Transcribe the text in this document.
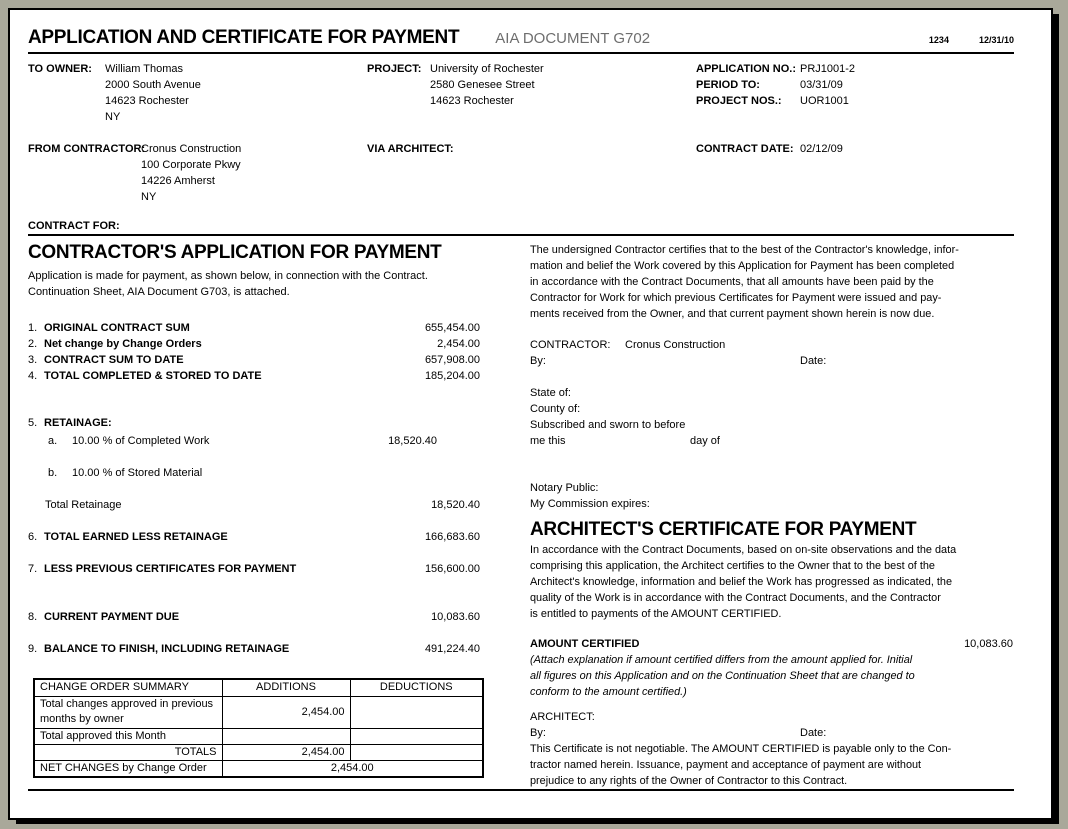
APPLICATION AND CERTIFICATE FOR PAYMENT AIA DOCUMENT G702	1234	12/31/10
TO OWNER: William Thomas
2000 South Avenue
14623 Rochester
NY
PROJECT: University of Rochester
2580 Genesee Street
14623 Rochester
APPLICATION NO.: PRJ1001-2
PERIOD TO:	03/31/09
PROJECT NOS.: UOR1001
FROM CONTRACTOR:
Cronus Construction
100 Corporate Pkwy
14226 Amherst
NY
VIA ARCHITECT:	CONTRACT DATE: 02/12/09
CONTRACT FOR:
CONTRACTOR'S APPLICATION FOR PAYMENT
Application is made for payment, as shown below, in connection with the Contract.
Continuation Sheet, AIA Document G703, is attached.
1. ORIGINAL CONTRACT SUM	655,454.00
2. Net change by Change Orders	2,454.00
3. CONTRACT SUM TO DATE	657,908.00
4. TOTAL COMPLETED & STORED TO DATE	185,204.00
5. RETAINAGE:
a.	10.00 % of Completed Work	18,520.40
b.	10.00 % of Stored Material
Total Retainage	18,520.40
6. TOTAL EARNED LESS RETAINAGE	166,683.60
7. LESS PREVIOUS CERTIFICATES FOR PAYMENT	156,600.00
8. CURRENT PAYMENT DUE	10,083.60
9. BALANCE TO FINISH, INCLUDING RETAINAGE	491,224.40
CHANGE ORDER SUMMARY	ADDITIONS	DEDUCTIONS
Total changes approved in previous months by owner	2,454.00	
Total approved this Month		
TOTALS	2,454.00	
NET CHANGES by Change Order	2,454.00	
The undersigned Contractor certifies that to the best of the Contractor's knowledge, infor-
mation and belief the Work covered by this Application for Payment has been completed
in accordance with the Contract Documents, that all amounts have been paid by the
Contractor for Work for which previous Certificates for Payment were issued and pay-
ments received from the Owner, and that current payment shown herein is now due.
CONTRACTOR:	Cronus Construction
By:	Date:
State of:
County of:
Subscribed and sworn to before
me this	day of
Notary Public:
My Commission expires:
ARCHITECT'S CERTIFICATE FOR PAYMENT
In accordance with the Contract Documents, based on on-site observations and the data
comprising this application, the Architect certifies to the Owner that to the best of the
Architect's knowledge, information and belief the Work has progressed as indicated, the
quality of the Work is in accordance with the Contract Documents, and the Contractor
is entitled to payments of the AMOUNT CERTIFIED.
AMOUNT CERTIFIED	10,083.60
(Attach explanation if amount certified differs from the amount applied for. Initial
all figures on this Application and on the Continuation Sheet that are changed to
conform to the amount certified.)
ARCHITECT:
By:	Date:
This Certificate is not negotiable. The AMOUNT CERTIFIED is payable only to the Con-
tractor named herein. Issuance, payment and acceptance of payment are without
prejudice to any rights of the Owner of Contractor to this Contract.
